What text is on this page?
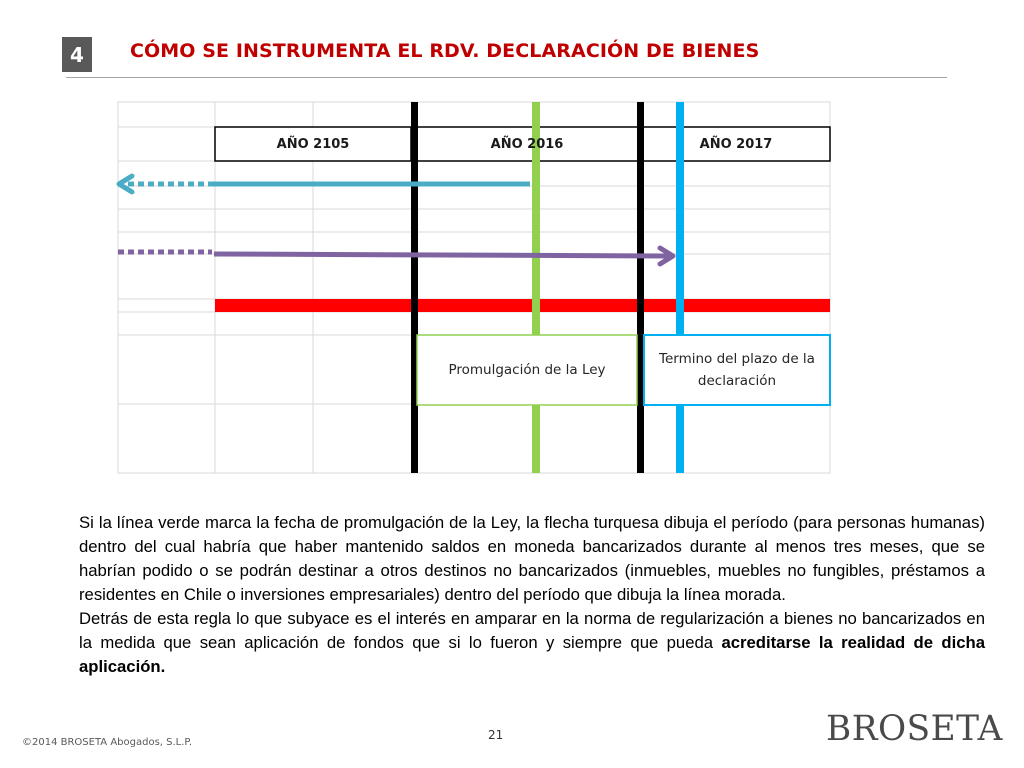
4	CÓMO SE INSTRUMENTA EL RDV. DECLARACIÓN DE BIENES
AÑO 2105	AÑO 2016	AÑO 2017
Promulgación de la Ley
Termino del plazo de la declaración

Si la línea verde marca la fecha de promulgación de la Ley, la flecha turquesa dibuja el período (para personas humanas) dentro del cual habría que haber mantenido saldos en moneda bancarizados durante al menos tres meses, que se habrían podido o se podrán destinar a otros destinos no bancarizados (inmuebles, muebles no fungibles, préstamos a residentes en Chile o inversiones empresariales) dentro del período que dibuja la línea morada.

Detrás de esta regla lo que subyace es el interés en amparar en la norma de regularización a bienes no bancarizados en la medida que sean aplicación de fondos que si lo fueron y siempre que pueda acreditarse la realidad de dicha aplicación.

©2014 BROSETA Abogados, S.L.P.
21	BROSETA
